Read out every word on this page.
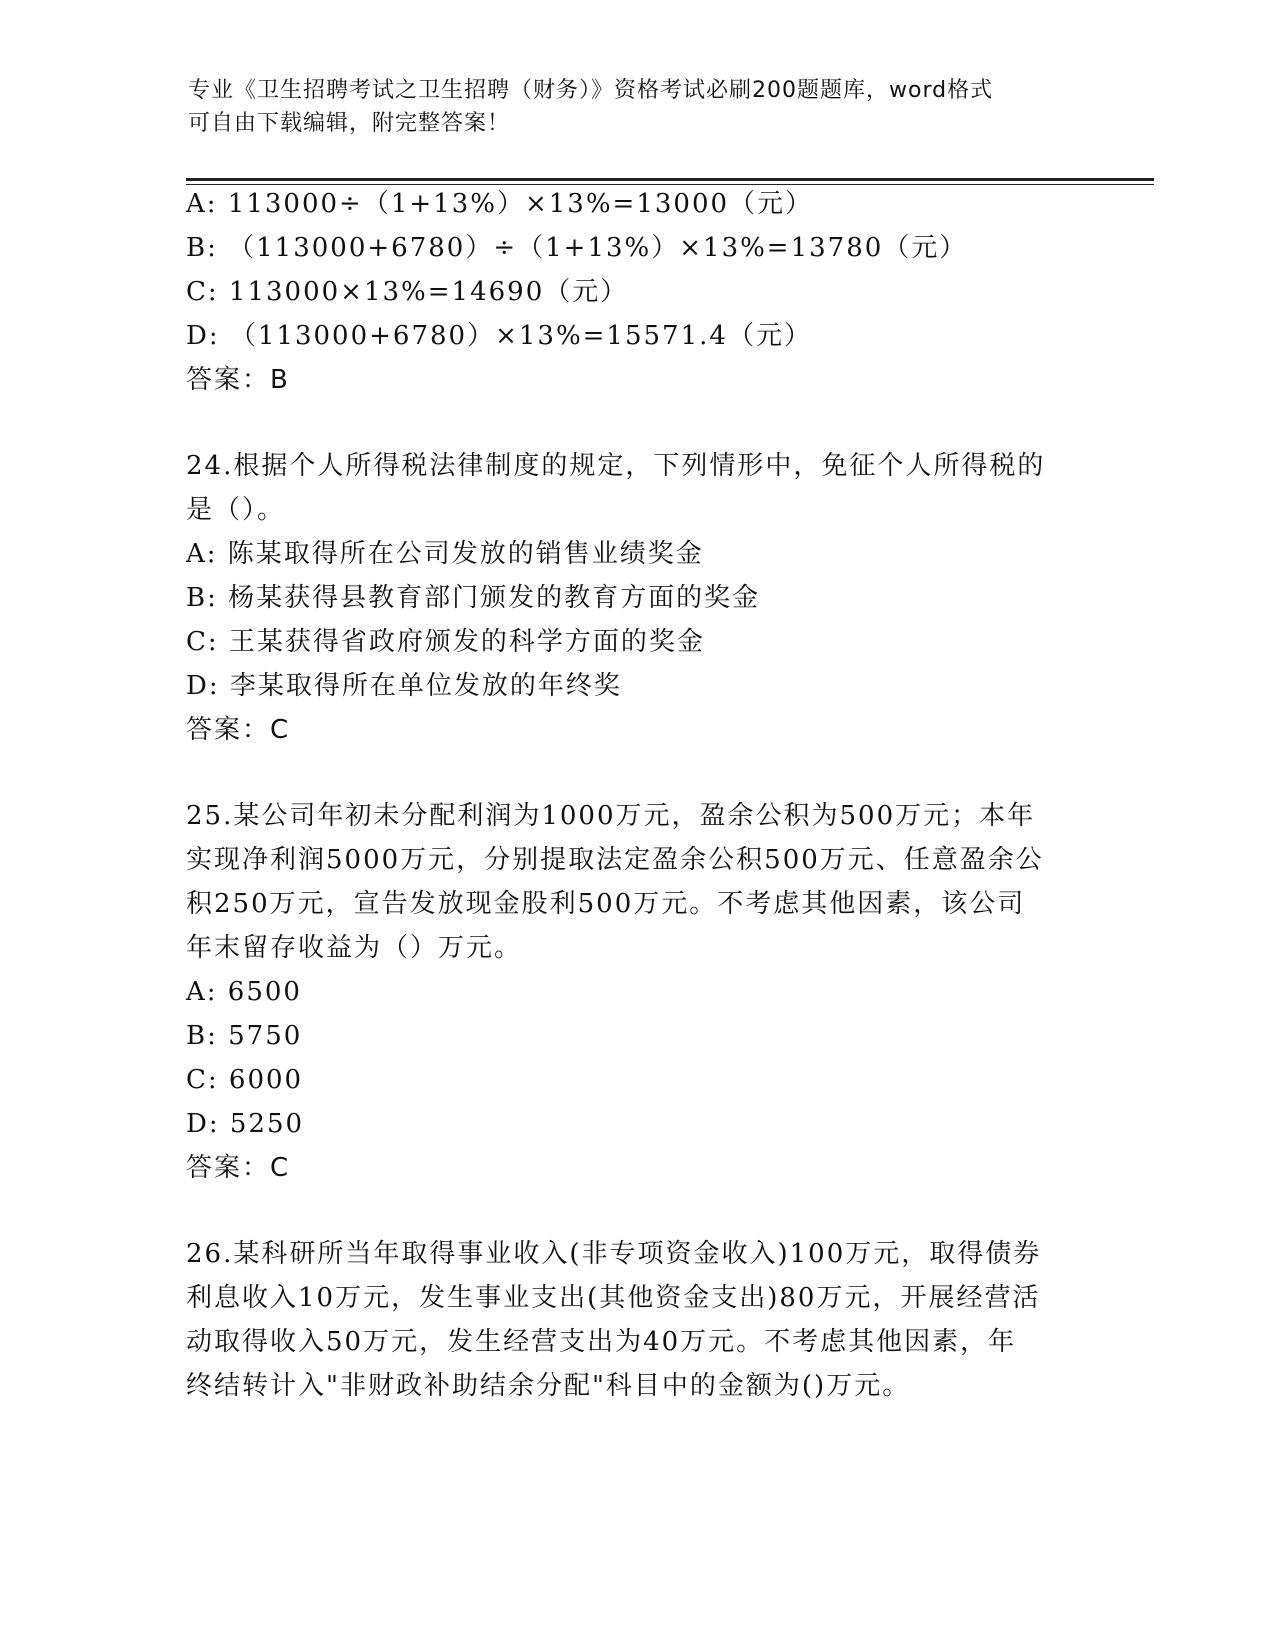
专业《卫生招聘考试之卫生招聘（财务）》资格考试必刷200题题库，word格式
可自由下载编辑，附完整答案！
A: 113000÷（1+13%）×13%=13000（元）
B: （113000+6780）÷（1+13%）×13%=13780（元）
C: 113000×13%=14690（元）
D: （113000+6780）×13%=15571.4（元）
答案：B
24.根据个人所得税法律制度的规定，下列情形中，免征个人所得税的
是（）。
A: 陈某取得所在公司发放的销售业绩奖金
B: 杨某获得县教育部门颁发的教育方面的奖金
C: 王某获得省政府颁发的科学方面的奖金
D: 李某取得所在单位发放的年终奖
答案：C
25.某公司年初未分配利润为1000万元，盈余公积为500万元；本年
实现净利润5000万元，分别提取法定盈余公积500万元、任意盈余公
积250万元，宣告发放现金股利500万元。不考虑其他因素，该公司
年末留存收益为（）万元。
A: 6500
B: 5750
C: 6000
D: 5250
答案：C
26.某科研所当年取得事业收入(非专项资金收入)100万元，取得债券
利息收入10万元，发生事业支出(其他资金支出)80万元，开展经营活
动取得收入50万元，发生经营支出为40万元。不考虑其他因素，年
终结转计入"非财政补助结余分配"科目中的金额为()万元。
